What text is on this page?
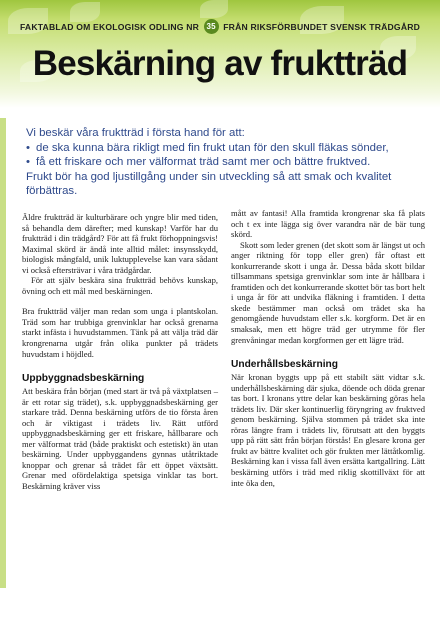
FAKTABLAD OM EKOLOGISK ODLING NR 35 FRÅN RIKSFÖRBUNDET SVENSK TRÄDGÅRD
Beskärning av fruktträd
Vi beskär våra fruktträd i första hand för att:
• de ska kunna bära rikligt med fin frukt utan för den skull fläkas sönder,
• få ett friskare och mer välformat träd samt mer och bättre fruktved.
Frukt bör ha god ljustillgång under sin utveckling så att smak och kvalitet
förbättras.

Äldre fruktträd är kulturbärare och yngre blir med tiden, så behandla dem därefter; med kunskap! Varför har du fruktträd i din trädgård? För att få frukt förhoppningsvis! Maximal skörd är ändå inte alltid målet: insynsskydd, biologisk mångfald, unik luktupplevelse kan vara sådant vi också eftersträvar i våra trädgårdar.

För att själv beskära sina fruktträd behövs kunskap, övning och ett mål med beskärningen.

Bra fruktträd väljer man redan som unga i plantskolan. Träd som har trubbiga grenvinklar har också grenarna starkt infästa i huvudstammen. Tänk på att välja träd där krongrenarna utgår från olika punkter på trädets huvudstam i höjdled.

Uppbyggnadsbeskärning

Att beskära från början (med start är två på växtplatsen – är ett rotar sig trädet), s.k. uppbyggnadsbeskärning ger starkare träd. Denna beskärning utförs de tio första åren och är viktigast i trädets liv. Rätt utförd uppbyggnadsbeskärning ger ett friskare, hållbarare och mer välformat träd (både praktiskt och estetiskt) än utan beskärning. Under uppbyggandens gynnas utåtriktade knoppar och grenar så trädet får ett öppet växtsätt. Grenar med ofördelaktiga spetsiga vinklar tas bort. Beskärning kräver viss

mått av fantasi! Alla framtida krongrenar ska få plats och t ex inte lägga sig över varandra när de bär tung skörd.

Skott som leder grenen (det skott som är längst ut och anger riktning för topp eller gren) får oftast ett konkurrerande skott i unga år. Dessa båda skott bildar tillsammans spetsiga grenvinklar som inte är hållbara i framtiden och det konkurrerande skottet bör tas bort helt i unga år för att undvika fläkning i framtiden. I detta skede bestämmer man också om trädet ska ha genomgående huvudstam eller s.k. korgform. Det är en smaksak, men ett högre träd ger utrymme för fler grenvåningar medan korgformen ger ett lägre träd.

Underhållsbeskärning

När kronan byggts upp på ett stabilt sätt vidtar s.k. underhållsbeskärning där sjuka, döende och döda grenar tas bort. I kronans yttre delar kan beskärning göras hela trädets liv. Där sker kontinuerlig föryngring av fruktved genom beskärning. Själva stommen på trädet ska inte röras längre fram i trädets liv, förutsatt att den byggts upp på rätt sätt från början förstås! En glesare krona ger frukt av bättre kvalitet och gör frukten mer lättåtkomlig. Beskärning kan i vissa fall även ersätta kartgallring. Lätt beskärning utförs i träd med riklig skottillväxt för att inte öka den,
